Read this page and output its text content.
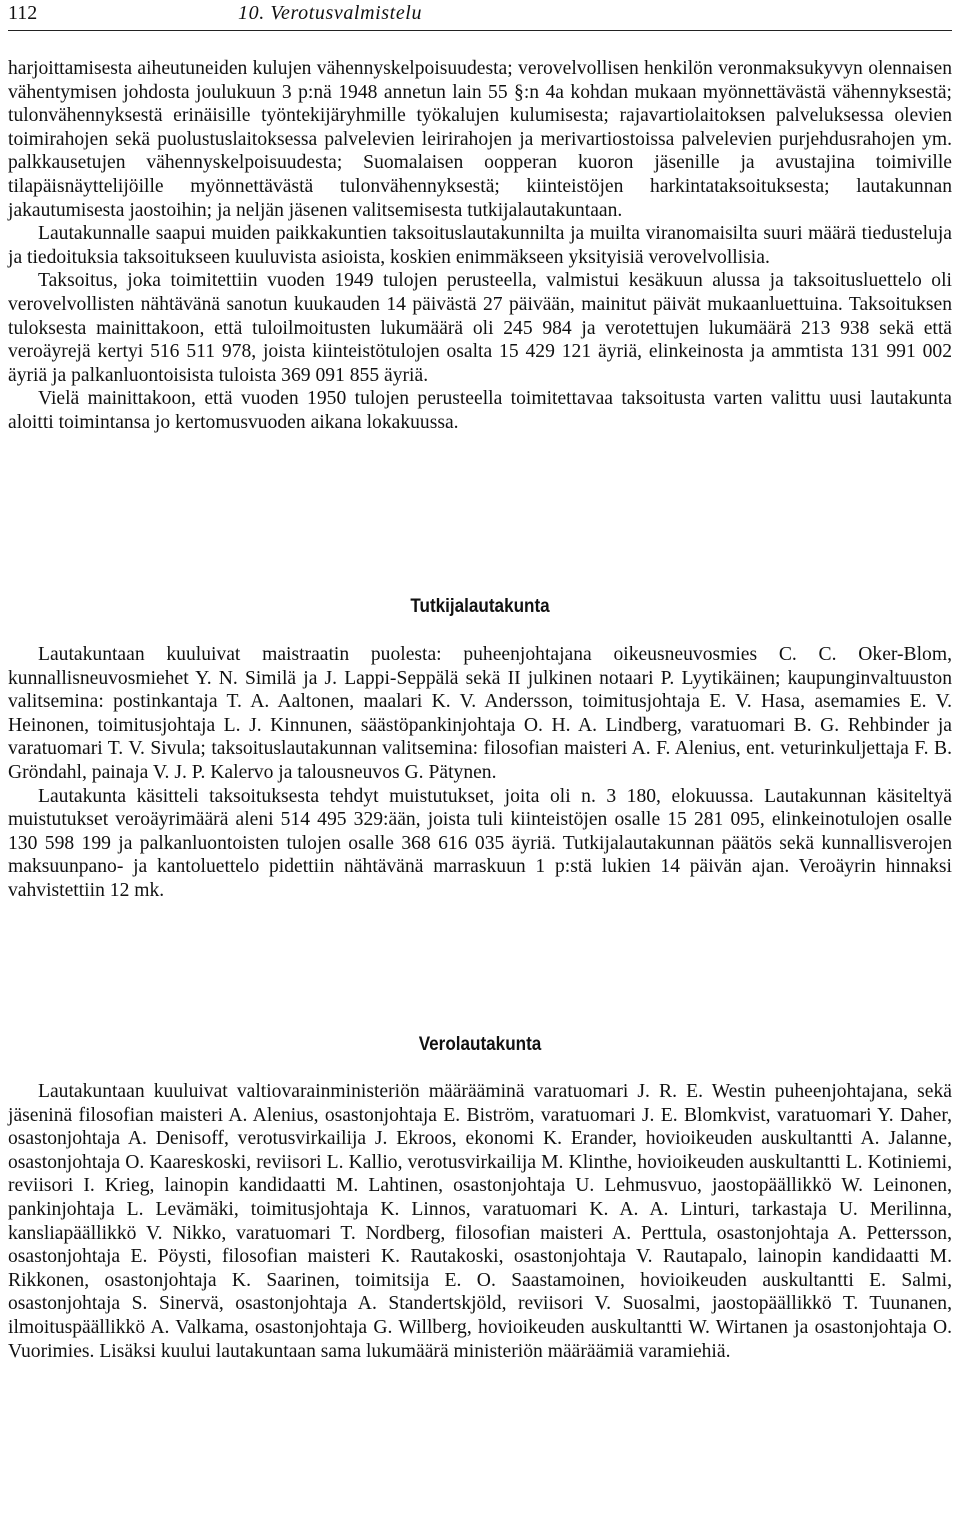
112	10. Verotusvalmistelu

harjoittamisesta aiheutuneiden kulujen vähennyskelpoisuudesta; verovelvollisen henkilön veronmaksukyvyn olennaisen vähentymisen johdosta joulukuun 3 p:nä 1948 annetun lain 55 §:n 4a kohdan mukaan myönnettävästä vähennyksestä; tulonvähennyksestä erinäisille työntekijäryhmille työkalujen kulumisesta; rajavartiolaitoksen palveluksessa olevien toimirahojen sekä puolustuslaitoksessa palvelevien leirirahojen ja merivartiostoissa palvelevien purjehdusrahojen ym. palkkausetujen vähennyskelpoisuudesta; Suomalaisen oopperan kuoron jäsenille ja avustajina toimiville tilapäisnäyttelijöille myönnettävästä tulonvähennyksestä; kiinteistöjen harkintataksoituksesta; lautakunnan jakautumisesta jaostoihin; ja neljän jäsenen valitsemisesta tutkijalautakuntaan.

Lautakunnalle saapui muiden paikkakuntien taksoituslautakunnilta ja muilta viranomaisilta suuri määrä tiedusteluja ja tiedoituksia taksoitukseen kuuluvista asioista, koskien enimmäkseen yksityisiä verovelvollisia.

Taksoitus, joka toimitettiin vuoden 1949 tulojen perusteella, valmistui kesäkuun alussa ja taksoitusluettelo oli verovelvollisten nähtävänä sanotun kuukauden 14 päivästä 27 päivään, mainitut päivät mukaanluettuina. Taksoituksen tuloksesta mainittakoon, että tuloilmoitusten lukumäärä oli 245 984 ja verotettujen lukumäärä 213 938 sekä että veroäyrejä kertyi 516 511 978, joista kiinteistötulojen osalta 15 429 121 äyriä, elinkeinosta ja ammtista 131 991 002 äyriä ja palkanluontoisista tuloista 369 091 855 äyriä.

Vielä mainittakoon, että vuoden 1950 tulojen perusteella toimitettavaa taksoitusta varten valittu uusi lautakunta aloitti toimintansa jo kertomusvuoden aikana lokakuussa.

Tutkijalautakunta

Lautakuntaan kuuluivat maistraatin puolesta: puheenjohtajana oikeusneuvosmies C. C. Oker-Blom, kunnallisneuvosmiehet Y. N. Similä ja J. Lappi-Seppälä sekä II julkinen notaari P. Lyytikäinen; kaupunginvaltuuston valitsemina: postinkantaja T. A. Aaltonen, maalari K. V. Andersson, toimitusjohtaja E. V. Hasa, asemamies E. V. Heinonen, toimitusjohtaja L. J. Kinnunen, säästöpankinjohtaja O. H. A. Lindberg, varatuomari B. G. Rehbinder ja varatuomari T. V. Sivula; taksoituslautakunnan valitsemina: filosofian maisteri A. F. Alenius, ent. veturinkuljettaja F. B. Gröndahl, painaja V. J. P. Kalervo ja talousneuvos G. Pätynen.

Lautakunta käsitteli taksoituksesta tehdyt muistutukset, joita oli n. 3 180, elokuussa. Lautakunnan käsiteltyä muistutukset veroäyrimäärä aleni 514 495 329:ään, joista tuli kiinteistöjen osalle 15 281 095, elinkeinotulojen osalle 130 598 199 ja palkanluontoisten tulojen osalle 368 616 035 äyriä. Tutkijalautakunnan päätös sekä kunnallisverojen maksuunpano- ja kantoluettelo pidettiin nähtävänä marraskuun 1 p:stä lukien 14 päivän ajan. Veroäyrin hinnaksi vahvistettiin 12 mk.

Verolautakunta

Lautakuntaan kuuluivat valtiovarainministeriön määrääminä varatuomari J. R. E. Westin puheenjohtajana, sekä jäseninä filosofian maisteri A. Alenius, osastonjohtaja E. Biström, varatuomari J. E. Blomkvist, varatuomari Y. Daher, osastonjohtaja A. Denisoff, verotusvirkailija J. Ekroos, ekonomi K. Erander, hovioikeuden auskultantti A. Jalanne, osastonjohtaja O. Kaareskoski, reviisori L. Kallio, verotusvirkailija M. Klinthe, hovioikeuden auskultantti L. Kotiniemi, reviisori I. Krieg, lainopin kandidaatti M. Lahtinen, osastonjohtaja U. Lehmusvuo, jaostopäällikkö W. Leinonen, pankinjohtaja L. Levämäki, toimitusjohtaja K. Linnos, varatuomari K. A. A. Linturi, tarkastaja U. Merilinna, kansliapäällikkö V. Nikko, varatuomari T. Nordberg, filosofian maisteri A. Perttula, osastonjohtaja A. Pettersson, osastonjohtaja E. Pöysti, filosofian maisteri K. Rautakoski, osastonjohtaja V. Rautapalo, lainopin kandidaatti M. Rikkonen, osastonjohtaja K. Saarinen, toimitsija E. O. Saastamoinen, hovioikeuden auskultantti E. Salmi, osastonjohtaja S. Sinervä, osastonjohtaja A. Standertskjöld, reviisori V. Suosalmi, jaostopäällikkö T. Tuunanen, ilmoituspäällikkö A. Valkama, osastonjohtaja G. Willberg, hovioikeuden auskultantti W. Wirtanen ja osastonjohtaja O. Vuorimies. Lisäksi kuului lautakuntaan sama lukumäärä ministeriön määräämiä varamiehiä.
